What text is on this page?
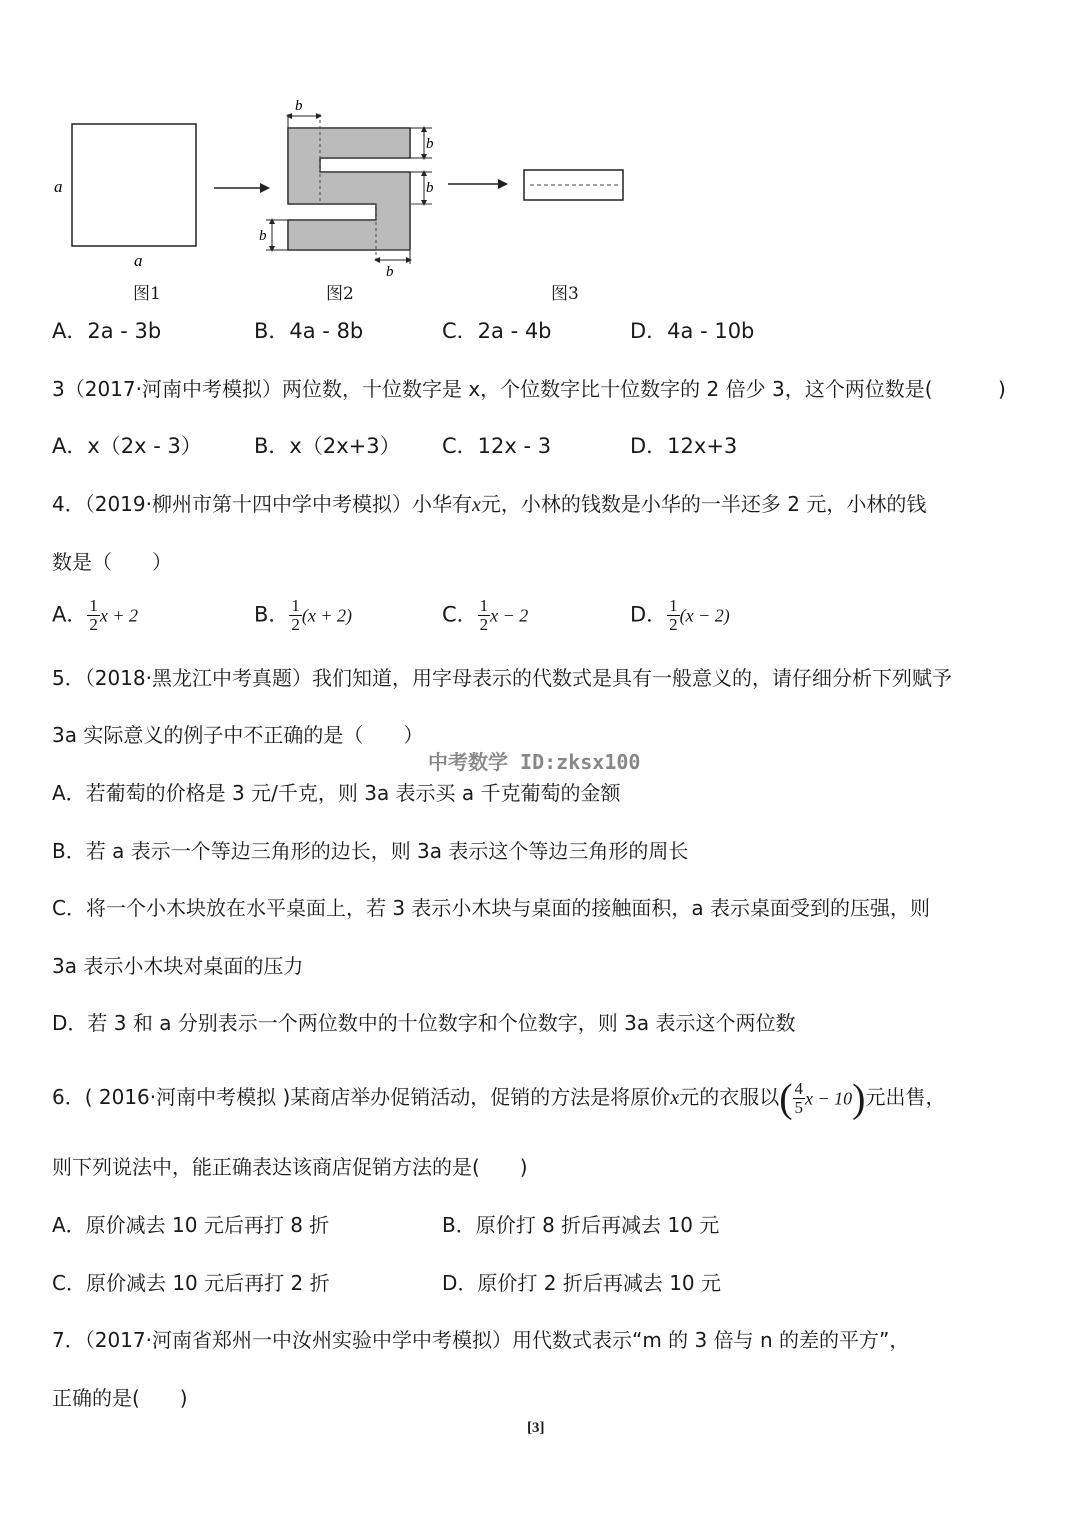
a
a
b
b
b
b
b
图1	图2	图3
A．2a - 3b	B．4a - 8b	C．2a - 4b	D．4a - 10b
3（2017·河南中考模拟）两位数，十位数字是 x，个位数字比十位数字的 2 倍少 3，这个两位数是(	)
A．x（2x - 3） B．x（2x+3） C．12x - 3	D．12x+3
4．（2019·柳州市第十四中学中考模拟）小华有x元，小林的钱数是小华的一半还多 2 元，小林的钱
数是（　　）
A． $\frac{1}{2}$ x + 2	B． $\frac{1}{2} (x + 2)$	C． $\frac{1}{2}$ x − 2	D． $\frac{1}{2} (x - 2)$
5．（2018·黑龙江中考真题）我们知道，用字母表示的代数式是具有一般意义的，请仔细分析下列赋予
3a 实际意义的例子中不正确的是（　　）
中考数学 ID:zksx100
A．若葡萄的价格是 3 元/千克，则 3a 表示买 a 千克葡萄的金额
B．若 a 表示一个等边三角形的边长，则 3a 表示这个等边三角形的周长
C．将一个小木块放在水平桌面上，若 3 表示小木块与桌面的接触面积，a 表示桌面受到的压强，则
3a 表示小木块对桌面的压力
D．若 3 和 a 分别表示一个两位数中的十位数字和个位数字，则 3a 表示这个两位数
6．( 2016·河南中考模拟 )某商店举办促销活动，促销的方法是将原价x元的衣服以( $\frac{4}{5}$ x − 10)元出售，
则下列说法中，能正确表达该商店促销方法的是(　　)
A．原价减去 10 元后再打 8 折	B．原价打 8 折后再减去 10 元
C．原价减去 10 元后再打 2 折	D．原价打 2 折后再减去 10 元
7．（2017·河南省郑州一中汝州实验中学中考模拟）用代数式表示“m 的 3 倍与 n 的差的平方”，
正确的是(　　)
[3]
